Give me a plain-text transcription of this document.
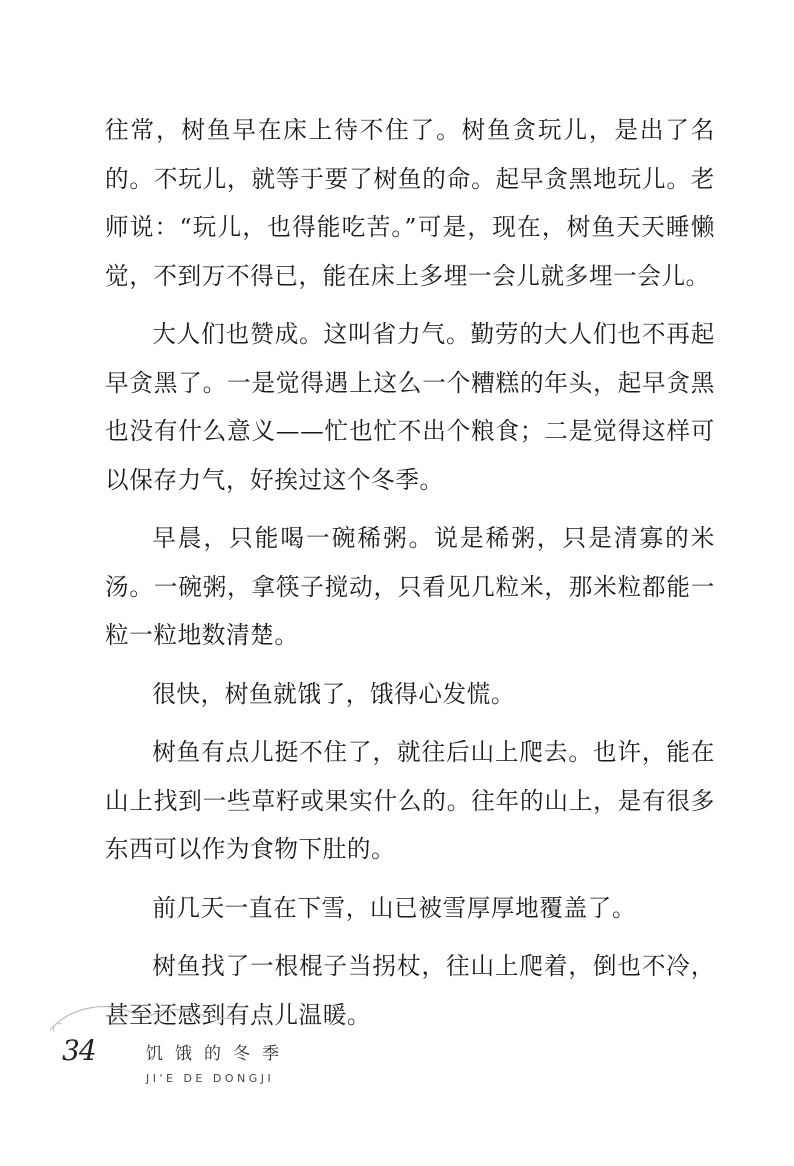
往常，树鱼早在床上待不住了。树鱼贪玩儿，是出了名的。不玩儿，就等于要了树鱼的命。起早贪黑地玩儿。老师说：“玩儿，也得能吃苦。”可是，现在，树鱼天天睡懒觉，不到万不得已，能在床上多埋一会儿就多埋一会儿。

大人们也赞成。这叫省力气。勤劳的大人们也不再起早贪黑了。一是觉得遇上这么一个糟糕的年头，起早贪黑也没有什么意义——忙也忙不出个粮食；二是觉得这样可以保存力气，好挨过这个冬季。

早晨，只能喝一碗稀粥。说是稀粥，只是清寡的米汤。一碗粥，拿筷子搅动，只看见几粒米，那米粒都能一粒一粒地数清楚。

很快，树鱼就饿了，饿得心发慌。

树鱼有点儿挺不住了，就往后山上爬去。也许，能在山上找到一些草籽或果实什么的。往年的山上，是有很多东西可以作为食物下肚的。

前几天一直在下雪，山已被雪厚厚地覆盖了。

树鱼找了一根棍子当拐杖，往山上爬着，倒也不冷，甚至还感到有点儿温暖。

34	饥饿的冬季
JI'E DE DONGJI
